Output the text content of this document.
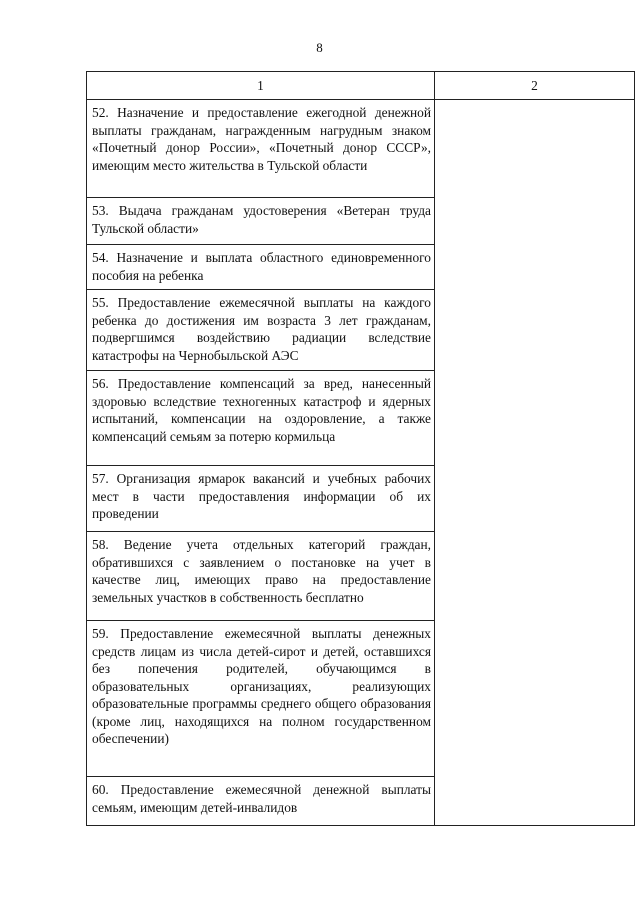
8
1	2
52. Назначение и предоставление ежегодной денежной выплаты гражданам, награжденным нагрудным знаком «Почетный донор России», «Почетный донор СССР», имеющим место жительства в Тульской области	
53. Выдача гражданам удостоверения «Ветеран труда Тульской области»	
54. Назначение и выплата областного единовременного пособия на ребенка	
55. Предоставление ежемесячной выплаты на каждого ребенка до достижения им возраста 3 лет гражданам, подвергшимся воздействию радиации вследствие катастрофы на Чернобыльской АЭС	
56. Предоставление компенсаций за вред, нанесенный здоровью вследствие техногенных катастроф и ядерных испытаний, компенсации на оздоровление, а также компенсаций семьям за потерю кормильца	
57. Организация ярмарок вакансий и учебных рабочих мест в части предоставления информации об их проведении	
58. Ведение учета отдельных категорий граждан, обратившихся с заявлением о постановке на учет в качестве лиц, имеющих право на предоставление земельных участков в собственность бесплатно	
59. Предоставление ежемесячной выплаты денежных средств лицам из числа детей-сирот и детей, оставшихся без попечения родителей, обучающимся в образовательных организациях, реализующих образовательные программы среднего общего образования (кроме лиц, находящихся на полном государственном обеспечении)	
60. Предоставление ежемесячной денежной выплаты семьям, имеющим детей-инвалидов	
